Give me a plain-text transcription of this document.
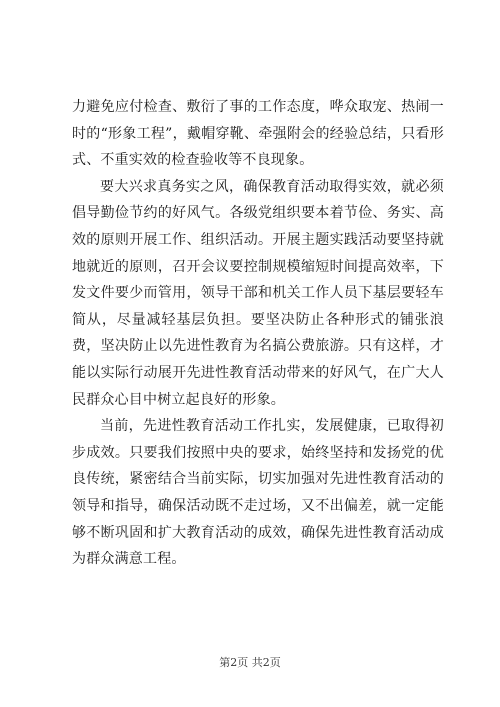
力避免应付检查、敷衍了事的工作态度，哗众取宠、热闹一时的“形象工程”，戴帽穿靴、牵强附会的经验总结，只看形式、不重实效的检查验收等不良现象。

要大兴求真务实之风，确保教育活动取得实效，就必须倡导勤俭节约的好风气。各级党组织要本着节俭、务实、高效的原则开展工作、组织活动。开展主题实践活动要坚持就地就近的原则，召开会议要控制规模缩短时间提高效率，下发文件要少而管用，领导干部和机关工作人员下基层要轻车简从，尽量减轻基层负担。要坚决防止各种形式的铺张浪费，坚决防止以先进性教育为名搞公费旅游。只有这样，才能以实际行动展开先进性教育活动带来的好风气，在广大人民群众心目中树立起良好的形象。

当前，先进性教育活动工作扎实，发展健康，已取得初步成效。只要我们按照中央的要求，始终坚持和发扬党的优良传统，紧密结合当前实际，切实加强对先进性教育活动的领导和指导，确保活动既不走过场，又不出偏差，就一定能够不断巩固和扩大教育活动的成效，确保先进性教育活动成为群众满意工程。

第2页 共2页
